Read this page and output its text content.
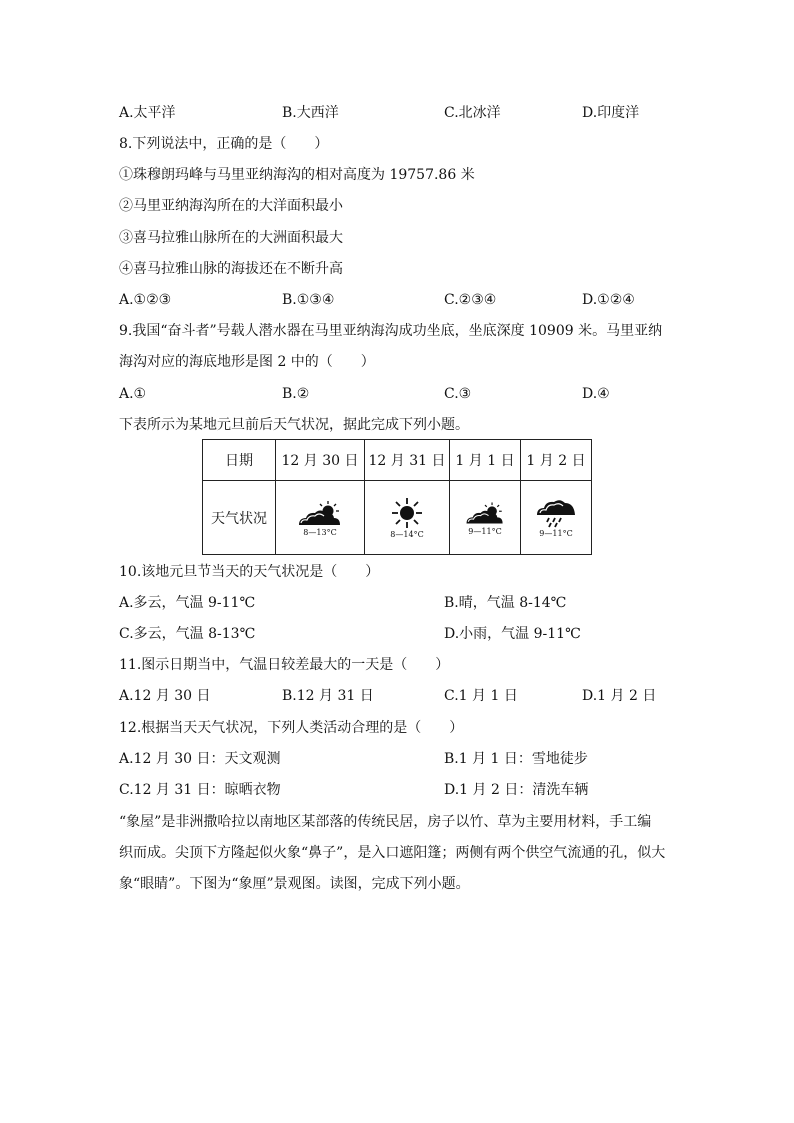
A.太平洋	B.大西洋	C.北冰洋	D.印度洋
8.下列说法中，正确的是（　　）
①珠穆朗玛峰与马里亚纳海沟的相对高度为 19757.86 米
②马里亚纳海沟所在的大洋面积最小
③喜马拉雅山脉所在的大洲面积最大
④喜马拉雅山脉的海拔还在不断升高
A.①②③	B.①③④	C.②③④	D.①②④
9.我国“奋斗者”号载人潜水器在马里亚纳海沟成功坐底，坐底深度 10909 米。马里亚纳
海沟对应的海底地形是图 2 中的（　　）
A.①	B.②	C.③	D.④
下表所示为某地元旦前后天气状况，据此完成下列小题。
日期	12 月 30 日	12 月 31 日	1 月 1 日	1 月 2 日
天气状况	8—13°C	8—14°C	9—11°C	9—11°C
10.该地元旦节当天的天气状况是（　　）
A.多云，气温 9-11℃	B.晴，气温 8-14℃
C.多云，气温 8-13℃	D.小雨，气温 9-11℃
11.图示日期当中，气温日较差最大的一天是（　　）
A.12 月 30 日	B.12 月 31 日	C.1 月 1 日	D.1 月 2 日
12.根据当天天气状况，下列人类活动合理的是（　　）
A.12 月 30 日：天文观测	B.1 月 1 日：雪地徒步
C.12 月 31 日：晾晒衣物	D.1 月 2 日：清洗车辆
“象屋”是非洲撒哈拉以南地区某部落的传统民居，房子以竹、草为主要用材料，手工编
织而成。尖顶下方隆起似火象“鼻子”，是入口遮阳篷；两侧有两个供空气流通的孔，似大
象“眼睛”。下图为“象厘”景观图。读图，完成下列小题。
